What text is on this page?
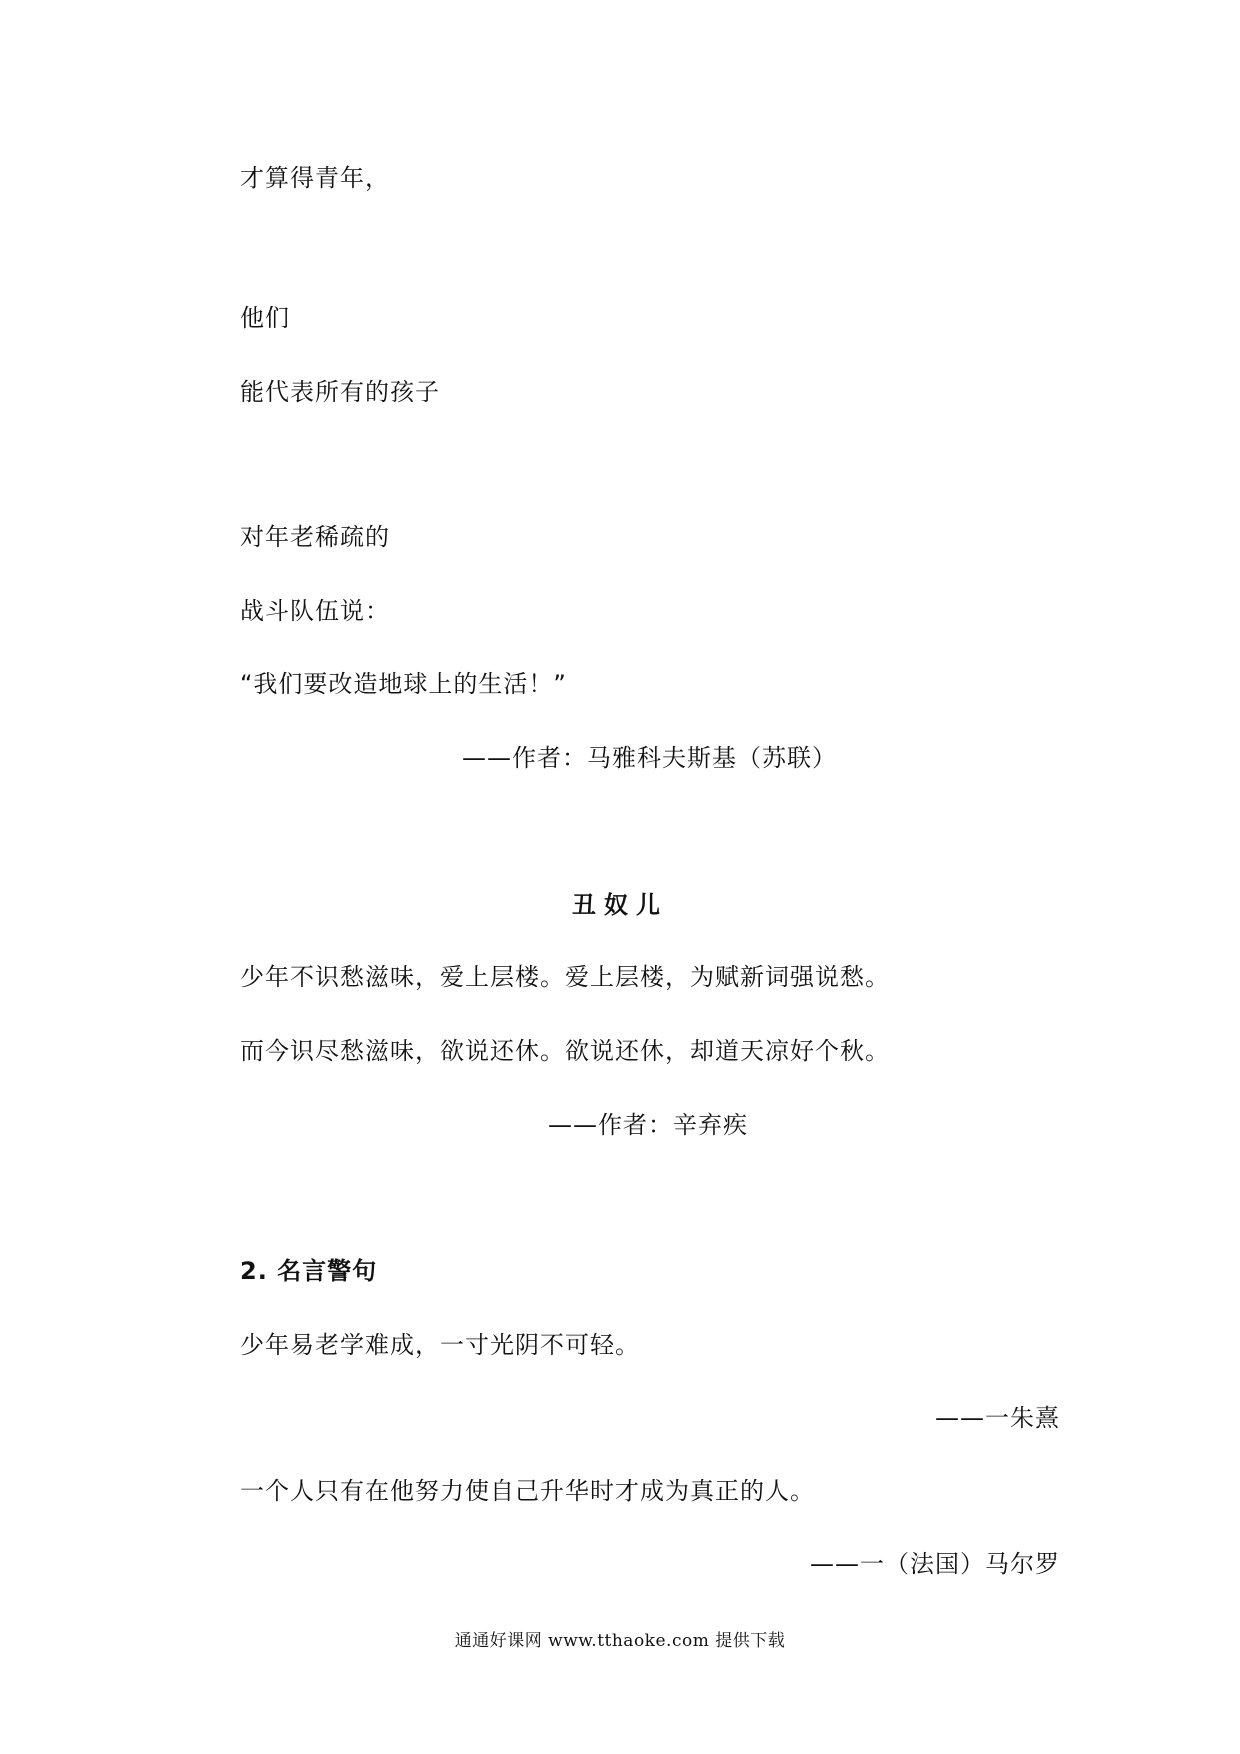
才算得青年，
他们
能代表所有的孩子
对年老稀疏的
战斗队伍说：
“我们要改造地球上的生活！”
——作者：马雅科夫斯基（苏联）
丑奴儿
少年不识愁滋味，爱上层楼。爱上层楼，为赋新词强说愁。
而今识尽愁滋味，欲说还休。欲说还休，却道天凉好个秋。
——作者：辛弃疾
2. 名言警句
少年易老学难成，一寸光阴不可轻。
——一朱熹
一个人只有在他努力使自己升华时才成为真正的人。
——一（法国）马尔罗
通通好课网 www.tthaoke.com 提供下载
